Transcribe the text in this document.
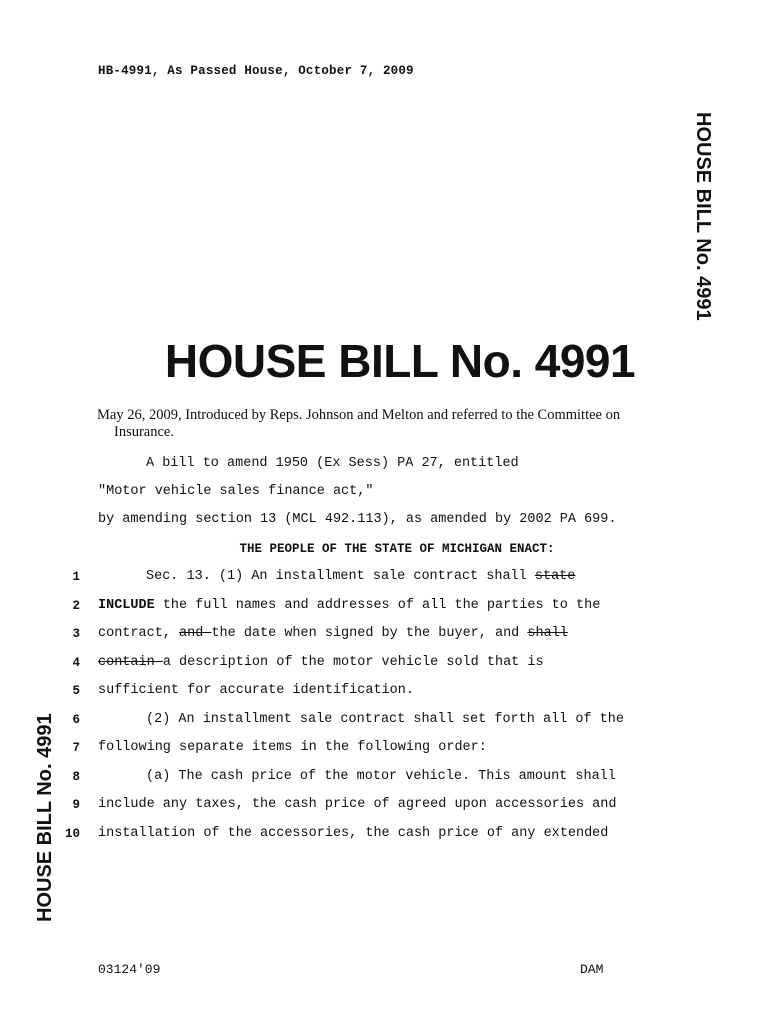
HB-4991, As Passed House, October 7, 2009
HOUSE BILL No. 4991
HOUSE BILL No. 4991
HOUSE BILL No. 4991
May 26, 2009, Introduced by Reps. Johnson and Melton and referred to the Committee on
Insurance.
A bill to amend 1950 (Ex Sess) PA 27, entitled
"Motor vehicle sales finance act,"
by amending section 13 (MCL 492.113), as amended by 2002 PA 699.
THE PEOPLE OF THE STATE OF MICHIGAN ENACT:
1
2
3
4
5
6
7
8
9
10
Sec. 13. (1) An installment sale contract shall state
INCLUDE the full names and addresses of all the parties to the
contract, and the date when signed by the buyer, and shall
contain a description of the motor vehicle sold that is
sufficient for accurate identification.
(2) An installment sale contract shall set forth all of the
following separate items in the following order:
(a) The cash price of the motor vehicle. This amount shall
include any taxes, the cash price of agreed upon accessories and
installation of the accessories, the cash price of any extended
03124'09	DAM
